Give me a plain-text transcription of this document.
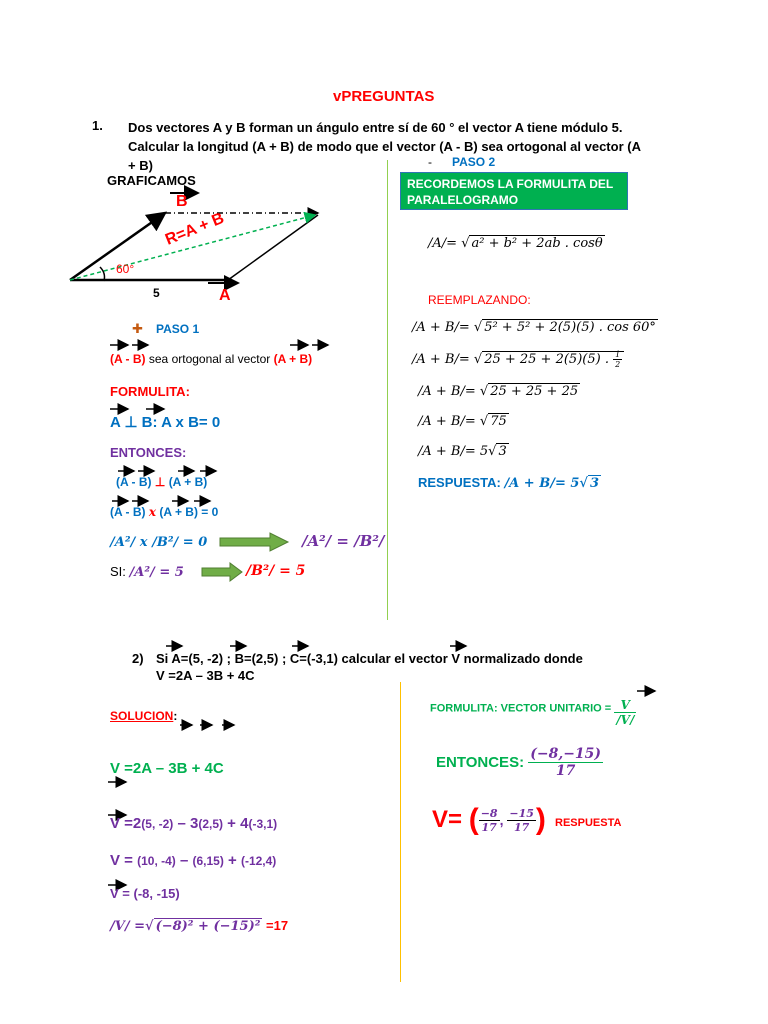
vPREGUNTAS
1. Dos vectores A y B forman un ángulo entre sí de 60 ° el vector A tiene módulo 5. Calcular la longitud (A + B) de modo que el vector (A - B) sea ortogonal al vector (A + B)
GRAFICAMOS
B
R=A + B
60°
5	A
✚ PASO 1
(A - B) sea ortogonal al vector (A + B)
FORMULITA:
A ⊥ B: A x B= 0
ENTONCES:
(A - B) ⊥ (A + B)
(A - B) x (A + B) = 0
/A²/ x /B²/ = 0	/A²/ = /B²/
SI: /A²/ = 5	/B²/ = 5
- PASO 2
RECORDEMOS LA FORMULITA DEL PARALELOGRAMO
/A/= √ a² + b² + 2ab . cosθ
REEMPLAZANDO:
/A + B/= √ 5² + 5² + 2(5)(5) . cos 60°
/A + B/= √ 25 + 25 + 2(5)(5) . $\frac{1}{2}$
/A + B/= √ 25 + 25 + 25
/A + B/= √ 75
/A + B/= 5√ 3
RESPUESTA: /A + B/= 5√ 3
2) Si A=(5, -2) ; B=(2,5) ; C=(-3,1) calcular el vector V normalizado donde
V =2A – 3B + 4C
SOLUCION:
V =2A – 3B + 4C
V =2(5, -2) – 3(2,5) + 4(-3,1)
V = (10, -4) – (6,15) + (-12,4)
V = (-8, -15)
/V/ =√ (−8)² + (−15)² =17
FORMULITA: VECTOR UNITARIO = $\frac{V}{/V/}$
ENTONCES: $\frac{(-8,-15)}{17}$
V= ( $\frac{-8}{17}$ , $\frac{-15}{17}$ ) RESPUESTA
